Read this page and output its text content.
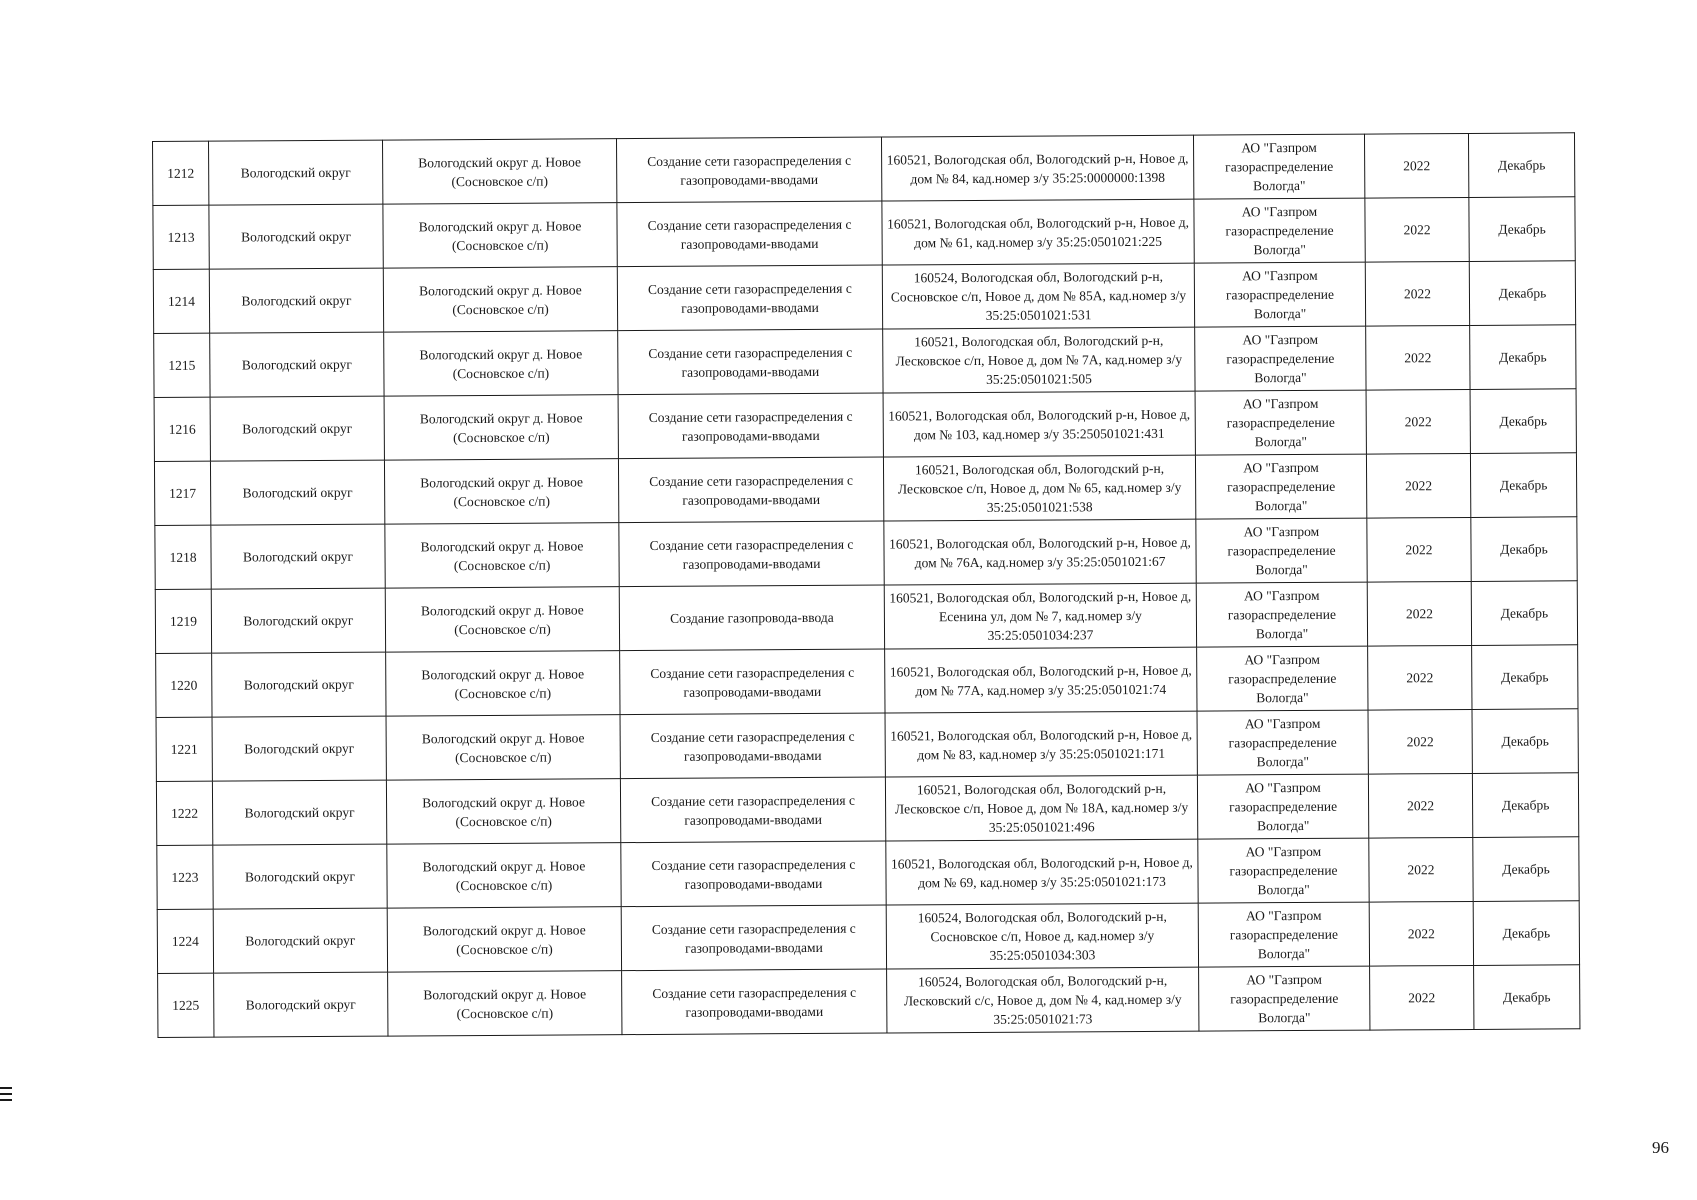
1212	Вологодский округ	Вологодский округ д. Новое (Сосновское с/п)	Создание сети газораспределения с газопроводами-вводами	160521, Вологодская обл, Вологодский р-н, Новое д, дом № 84, кад.номер з/у 35:25:0000000:1398	АО "Газпром газораспределение Вологда"	2022	Декабрь
1213	Вологодский округ	Вологодский округ д. Новое (Сосновское с/п)	Создание сети газораспределения с газопроводами-вводами	160521, Вологодская обл, Вологодский р-н, Новое д, дом № 61, кад.номер з/у 35:25:0501021:225	АО "Газпром газораспределение Вологда"	2022	Декабрь
1214	Вологодский округ	Вологодский округ д. Новое (Сосновское с/п)	Создание сети газораспределения с газопроводами-вводами	160524, Вологодская обл, Вологодский р-н, Сосновское с/п, Новое д, дом № 85А, кад.номер з/у 35:25:0501021:531	АО "Газпром газораспределение Вологда"	2022	Декабрь
1215	Вологодский округ	Вологодский округ д. Новое (Сосновское с/п)	Создание сети газораспределения с газопроводами-вводами	160521, Вологодская обл, Вологодский р-н, Лесковское с/п, Новое д, дом № 7А, кад.номер з/у 35:25:0501021:505	АО "Газпром газораспределение Вологда"	2022	Декабрь
1216	Вологодский округ	Вологодский округ д. Новое (Сосновское с/п)	Создание сети газораспределения с газопроводами-вводами	160521, Вологодская обл, Вологодский р-н, Новое д, дом № 103, кад.номер з/у 35:250501021:431	АО "Газпром газораспределение Вологда"	2022	Декабрь
1217	Вологодский округ	Вологодский округ д. Новое (Сосновское с/п)	Создание сети газораспределения с газопроводами-вводами	160521, Вологодская обл, Вологодский р-н, Лесковское с/п, Новое д, дом № 65, кад.номер з/у 35:25:0501021:538	АО "Газпром газораспределение Вологда"	2022	Декабрь
1218	Вологодский округ	Вологодский округ д. Новое (Сосновское с/п)	Создание сети газораспределения с газопроводами-вводами	160521, Вологодская обл, Вологодский р-н, Новое д, дом № 76А, кад.номер з/у 35:25:0501021:67	АО "Газпром газораспределение Вологда"	2022	Декабрь
1219	Вологодский округ	Вологодский округ д. Новое (Сосновское с/п)	Создание газопровода-ввода	160521, Вологодская обл, Вологодский р-н, Новое д, Есенина ул, дом № 7, кад.номер з/у 35:25:0501034:237	АО "Газпром газораспределение Вологда"	2022	Декабрь
1220	Вологодский округ	Вологодский округ д. Новое (Сосновское с/п)	Создание сети газораспределения с газопроводами-вводами	160521, Вологодская обл, Вологодский р-н, Новое д, дом № 77А, кад.номер з/у 35:25:0501021:74	АО "Газпром газораспределение Вологда"	2022	Декабрь
1221	Вологодский округ	Вологодский округ д. Новое (Сосновское с/п)	Создание сети газораспределения с газопроводами-вводами	160521, Вологодская обл, Вологодский р-н, Новое д, дом № 83, кад.номер з/у 35:25:0501021:171	АО "Газпром газораспределение Вологда"	2022	Декабрь
1222	Вологодский округ	Вологодский округ д. Новое (Сосновское с/п)	Создание сети газораспределения с газопроводами-вводами	160521, Вологодская обл, Вологодский р-н, Лесковское с/п, Новое д, дом № 18А, кад.номер з/у 35:25:0501021:496	АО "Газпром газораспределение Вологда"	2022	Декабрь
1223	Вологодский округ	Вологодский округ д. Новое (Сосновское с/п)	Создание сети газораспределения с газопроводами-вводами	160521, Вологодская обл, Вологодский р-н, Новое д, дом № 69, кад.номер з/у 35:25:0501021:173	АО "Газпром газораспределение Вологда"	2022	Декабрь
1224	Вологодский округ	Вологодский округ д. Новое (Сосновское с/п)	Создание сети газораспределения с газопроводами-вводами	160524, Вологодская обл, Вологодский р-н, Сосновское с/п, Новое д, кад.номер з/у 35:25:0501034:303	АО "Газпром газораспределение Вологда"	2022	Декабрь
1225	Вологодский округ	Вологодский округ д. Новое (Сосновское с/п)	Создание сети газораспределения с газопроводами-вводами	160524, Вологодская обл, Вологодский р-н, Лесковский с/с, Новое д, дом № 4, кад.номер з/у 35:25:0501021:73	АО "Газпром газораспределение Вологда"	2022	Декабрь
96
